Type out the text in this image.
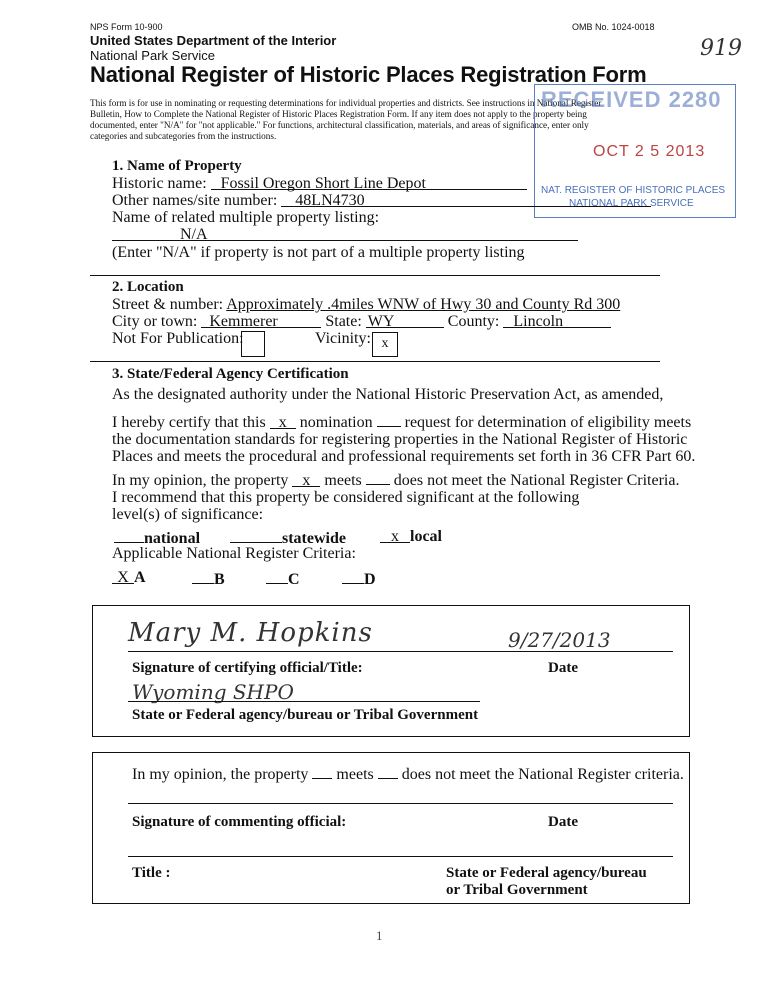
NPS Form 10-900	OMB No. 1024-0018
United States Department of the Interior
National Park Service
National Register of Historic Places Registration Form
919
This form is for use in nominating or requesting determinations for individual properties and districts. See instructions in National Register
Bulletin, How to Complete the National Register of Historic Places Registration Form. If any item does not apply to the property being
documented, enter "N/A" for "not applicable." For functions, architectural classification, materials, and areas of significance, enter only
categories and subcategories from the instructions.
RECEIVED 2280
OCT 2 5 2013
NAT. REGISTER OF HISTORIC PLACES
NATIONAL PARK SERVICE
1. Name of Property
Historic name: Fossil Oregon Short Line Depot
Other names/site number: 48LN4730
Name of related multiple property listing:
N/A
(Enter "N/A" if property is not part of a multiple property listing
2. Location
Street & number: Approximately .4miles WNW of Hwy 30 and County Rd 300
City or town: Kemmerer	State: WY	County: Lincoln
Not For Publication:	Vicinity: x
3. State/Federal Agency Certification
As the designated authority under the National Historic Preservation Act, as amended,
I hereby certify that this x nomination request for determination of eligibility meets
the documentation standards for registering properties in the National Register of Historic
Places and meets the procedural and professional requirements set forth in 36 CFR Part 60.
In my opinion, the property x meets does not meet the National Register Criteria.
I recommend that this property be considered significant at the following
level(s) of significance:
national	statewide	x local
Applicable National Register Criteria:
X A	B	C	D
Mary M. Hopkins	9/27/2013
Signature of certifying official/Title:	Date
Wyoming SHPO
State or Federal agency/bureau or Tribal Government
In my opinion, the property meets does not meet the National Register criteria.
Signature of commenting official:	Date
Title :	State or Federal agency/bureau
or Tribal Government
1
